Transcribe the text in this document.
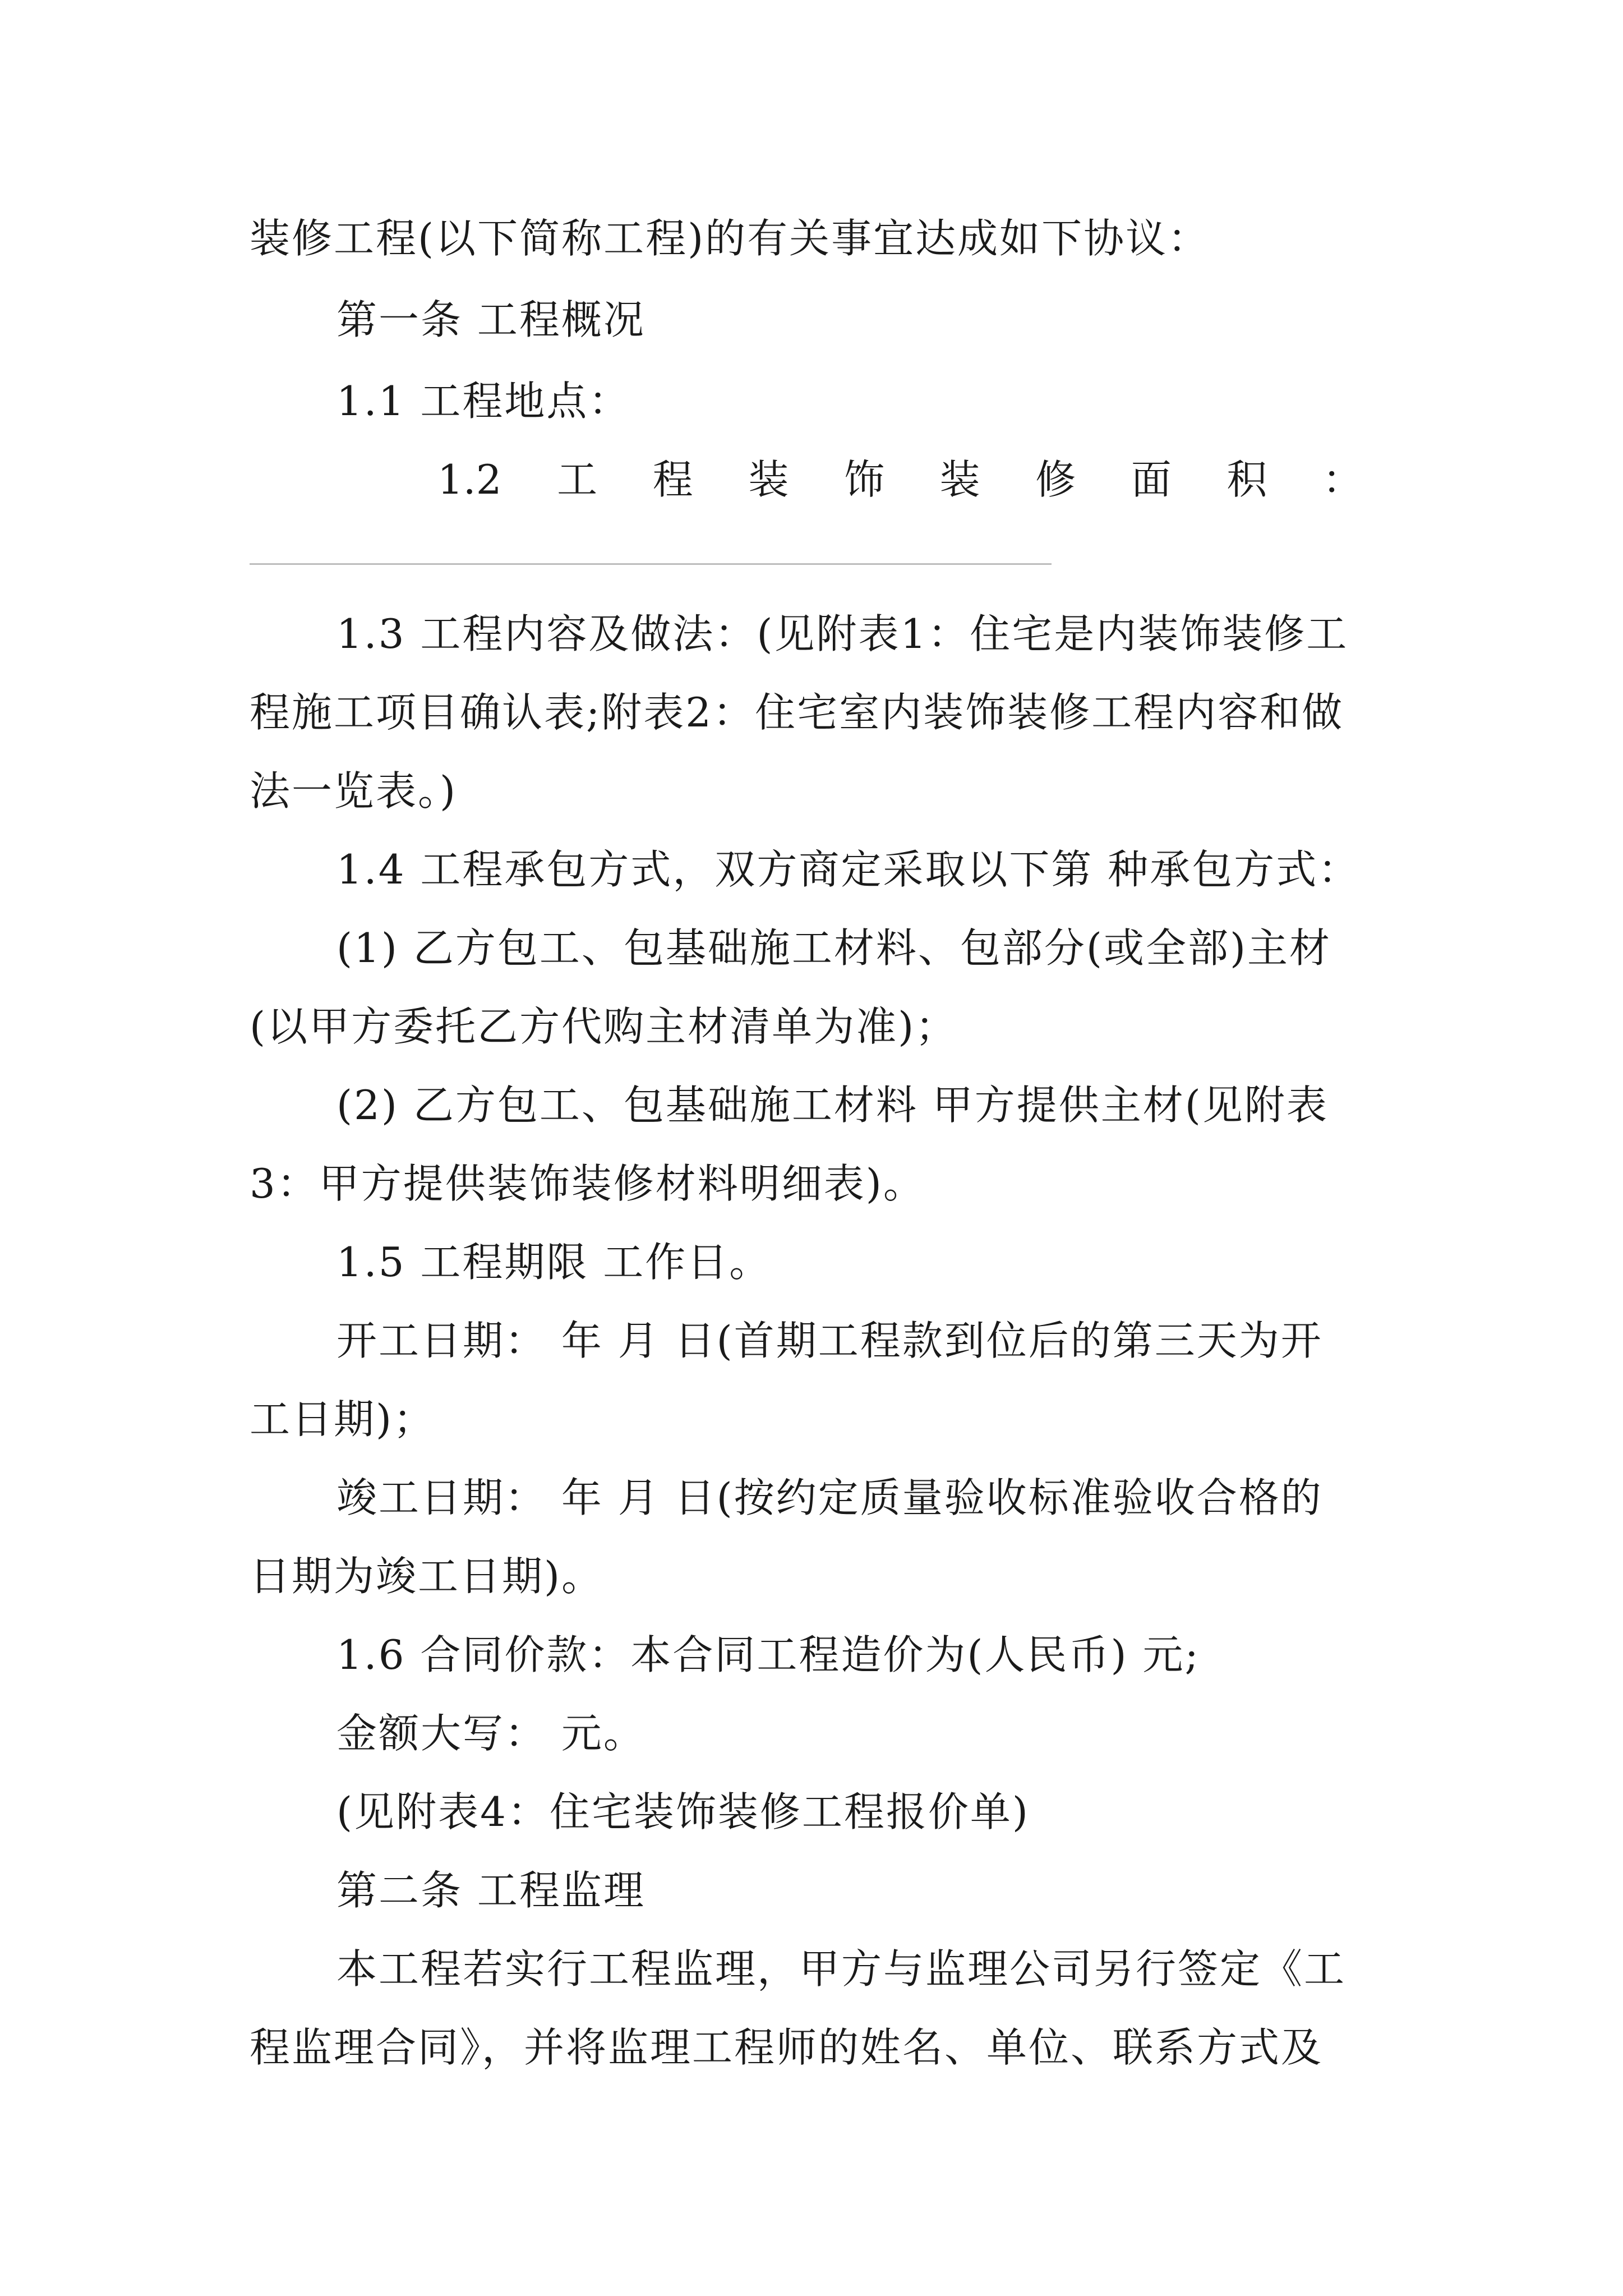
装修工程(以下简称工程)的有关事宜达成如下协议：
第一条 工程概况
1.1 工程地点：
1.2 工 程 装 饰 装 修 面 积 ：
1.3 工程内容及做法：(见附表1：住宅是内装饰装修工
程施工项目确认表;附表2：住宅室内装饰装修工程内容和做
法一览表。)
1.4 工程承包方式，双方商定采取以下第 种承包方式：
(1) 乙方包工、包基础施工材料、包部分(或全部)主材
(以甲方委托乙方代购主材清单为准)；
(2) 乙方包工、包基础施工材料 甲方提供主材(见附表
3：甲方提供装饰装修材料明细表)。
1.5 工程期限 工作日。
开工日期： 年 月 日(首期工程款到位后的第三天为开
工日期)；
竣工日期： 年 月 日(按约定质量验收标准验收合格的
日期为竣工日期)。
1.6 合同价款：本合同工程造价为(人民币) 元;
金额大写： 元。
(见附表4：住宅装饰装修工程报价单)
第二条 工程监理
本工程若实行工程监理，甲方与监理公司另行签定《工
程监理合同》，并将监理工程师的姓名、单位、联系方式及
